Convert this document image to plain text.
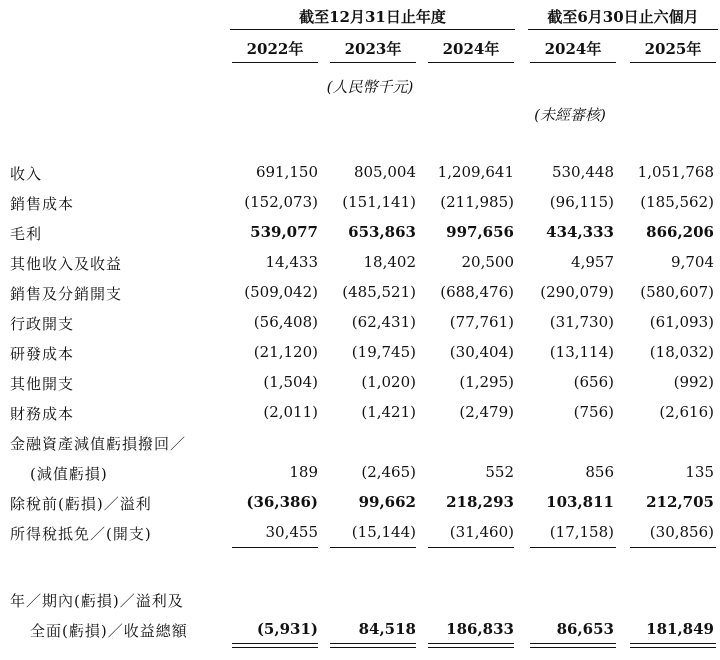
截至12月31日止年度	截至6月30日止六個月
2022年	2023年	2024年	2024年	2025年
(人民幣千元)
(未經審核)
收入	691,150	805,004	1,209,641	530,448	1,051,768
銷售成本	(152,073)	(151,141)	(211,985)	(96,115)	(185,562)
毛利	539,077	653,863	997,656	434,333	866,206
其他收入及收益	14,433	18,402	20,500	4,957	9,704
銷售及分銷開支	(509,042)	(485,521)	(688,476)	(290,079)	(580,607)
行政開支	(56,408)	(62,431)	(77,761)	(31,730)	(61,093)
研發成本	(21,120)	(19,745)	(30,404)	(13,114)	(18,032)
其他開支	(1,504)	(1,020)	(1,295)	(656)	(992)
財務成本	(2,011)	(1,421)	(2,479)	(756)	(2,616)
金融資產減值虧損撥回／
(減值虧損)	189	(2,465)	552	856	135
除稅前(虧損)／溢利	(36,386)	99,662	218,293	103,811	212,705
所得稅抵免／(開支)	30,455	(15,144)	(31,460)	(17,158)	(30,856)
年／期內(虧損)／溢利及
全面(虧損)／收益總額	(5,931)	84,518	186,833	86,653	181,849
